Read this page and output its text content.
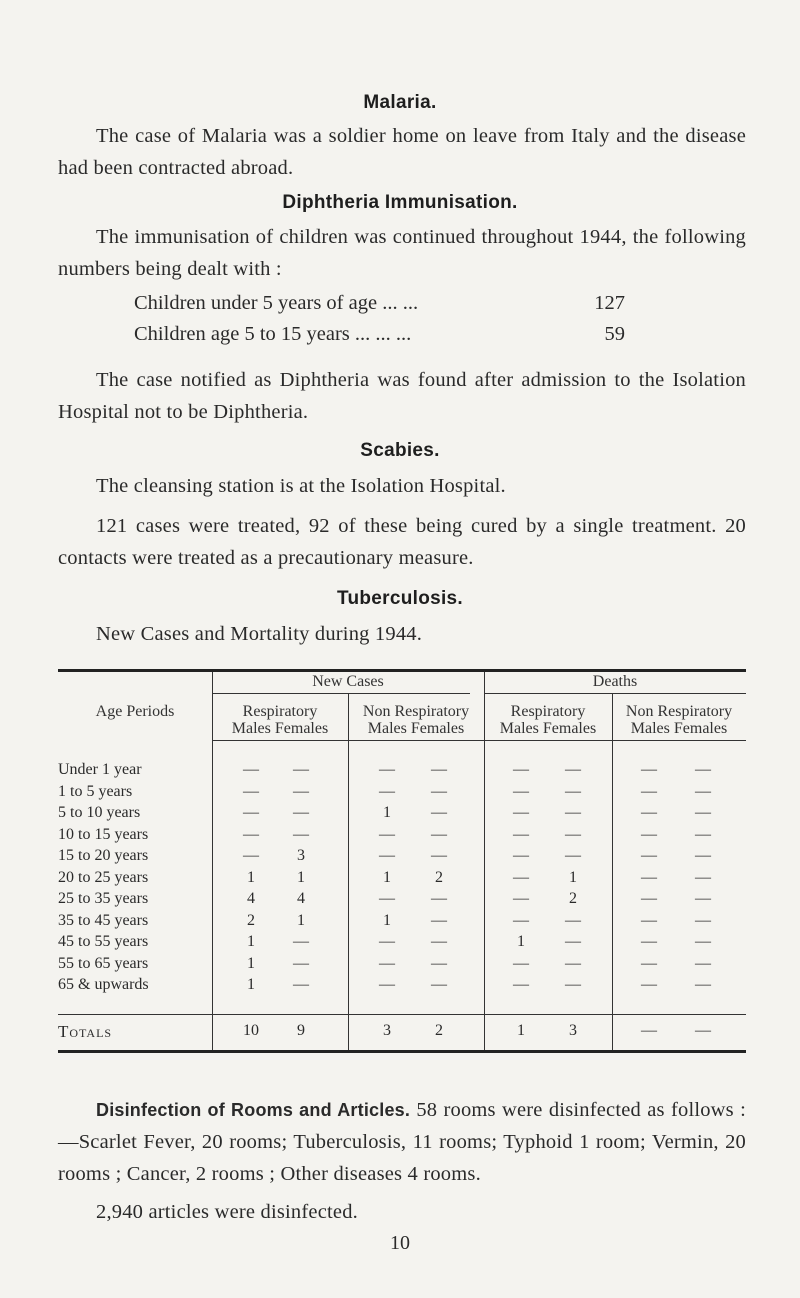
Malaria.
The case of Malaria was a soldier home on leave from Italy and the disease had been contracted abroad.
Diphtheria Immunisation.
The immunisation of children was continued throughout 1944, the following numbers being dealt with :
Children under 5 years of age ... ...	127
Children age 5 to 15 years ... ... ...	59
The case notified as Diphtheria was found after admission to the Isolation Hospital not to be Diphtheria.
Scabies.
The cleansing station is at the Isolation Hospital.
121 cases were treated, 92 of these being cured by a single treatment. 20 contacts were treated as a precautionary measure.
Tuberculosis.
New Cases and Mortality during 1944.
Age Periods
New Cases	Deaths
Respiratory
Males Females
Non Respiratory
Males Females
Respiratory
Males Females
Non Respiratory
Males Females
Under 1 year	—	—	—	—	—	—	—	—
1 to 5 years	—	—	—	—	—	—	—	—
5 to 10 years	—	—	1	—	—	—	—	—
10 to 15 years	—	—	—	—	—	—	—	—
15 to 20 years	—	3	—	—	—	—	—	—
20 to 25 years	1	1	1	2	—	1	—	—
25 to 35 years	4	4	—	—	—	2	—	—
35 to 45 years	2	1	1	—	—	—	—	—
45 to 55 years	1	—	—	—	1	—	—	—
55 to 65 years	1	—	—	—	—	—	—	—
65 & upwards	1	—	—	—	—	—	—	—
Totals	10	9	3	2	1	3	—	—
Disinfection of Rooms and Articles. 58 rooms were disinfected as follows :—Scarlet Fever, 20 rooms; Tuberculosis, 11 rooms; Typhoid 1 room; Vermin, 20 rooms ; Cancer, 2 rooms ; Other diseases 4 rooms.
2,940 articles were disinfected.
10
